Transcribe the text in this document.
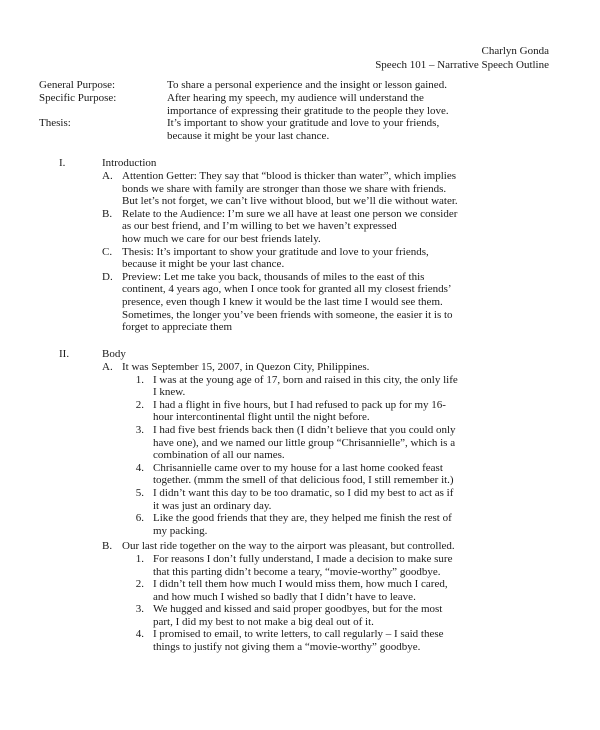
Charlyn Gonda
Speech 101 – Narrative Speech Outline
General Purpose:	To share a personal experience and the insight or lesson gained.
Specific Purpose:	After hearing my speech, my audience will understand the
importance of expressing their gratitude to the people they love.
Thesis:	It’s important to show your gratitude and love to your friends,
because it might be your last chance.
I.	Introduction
A. Attention Getter: They say that “blood is thicker than water”, which implies
bonds we share with family are stronger than those we share with friends.
But let’s not forget, we can’t live without blood, but we’ll die without water.
B. Relate to the Audience: I’m sure we all have at least one person we consider
as our best friend, and I’m willing to bet we haven’t expressed
how much we care for our best friends lately.
C. Thesis: It’s important to show your gratitude and love to your friends,
because it might be your last chance.
D. Preview: Let me take you back, thousands of miles to the east of this
continent, 4 years ago, when I once took for granted all my closest friends’
presence, even though I knew it would be the last time I would see them.
Sometimes, the longer you’ve been friends with someone, the easier it is to
forget to appreciate them
II.	Body
A. It was September 15, 2007, in Quezon City, Philippines.
1. I was at the young age of 17, born and raised in this city, the only life
I knew.
2. I had a flight in five hours, but I had refused to pack up for my 16-
hour intercontinental flight until the night before.
3. I had five best friends back then (I didn’t believe that you could only
have one), and we named our little group “Chrisannielle”, which is a
combination of all our names.
4. Chrisannielle came over to my house for a last home cooked feast
together. (mmm the smell of that delicious food, I still remember it.)
5. I didn’t want this day to be too dramatic, so I did my best to act as if
it was just an ordinary day.
6. Like the good friends that they are, they helped me finish the rest of
my packing.
B. Our last ride together on the way to the airport was pleasant, but controlled.
1. For reasons I don’t fully understand, I made a decision to make sure
that this parting didn’t become a teary, “movie-worthy” goodbye.
2. I didn’t tell them how much I would miss them, how much I cared,
and how much I wished so badly that I didn’t have to leave.
3. We hugged and kissed and said proper goodbyes, but for the most
part, I did my best to not make a big deal out of it.
4. I promised to email, to write letters, to call regularly – I said these
things to justify not giving them a “movie-worthy” goodbye.
